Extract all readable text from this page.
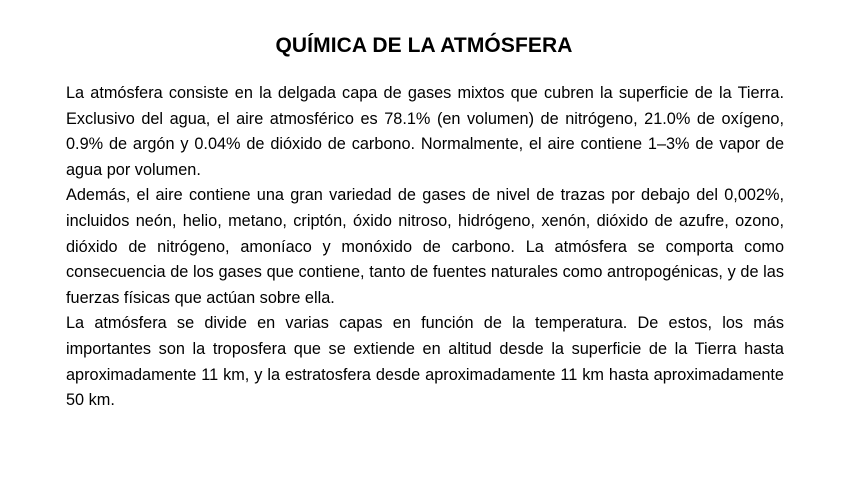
QUÍMICA DE LA ATMÓSFERA

La atmósfera consiste en la delgada capa de gases mixtos que cubren la superficie de la Tierra. Exclusivo del agua, el aire atmosférico es 78.1% (en volumen) de nitrógeno, 21.0% de oxígeno, 0.9% de argón y 0.04% de dióxido de carbono. Normalmente, el aire contiene 1–3% de vapor de agua por volumen.

Además, el aire contiene una gran variedad de gases de nivel de trazas por debajo del 0,002%, incluidos neón, helio, metano, criptón, óxido nitroso, hidrógeno, xenón, dióxido de azufre, ozono, dióxido de nitrógeno, amoníaco y monóxido de carbono. La atmósfera se comporta como consecuencia de los gases que contiene, tanto de fuentes naturales como antropogénicas, y de las fuerzas físicas que actúan sobre ella.

La atmósfera se divide en varias capas en función de la temperatura. De estos, los más importantes son la troposfera que se extiende en altitud desde la superficie de la Tierra hasta aproximadamente 11 km, y la estratosfera desde aproximadamente 11 km hasta aproximadamente 50 km.
